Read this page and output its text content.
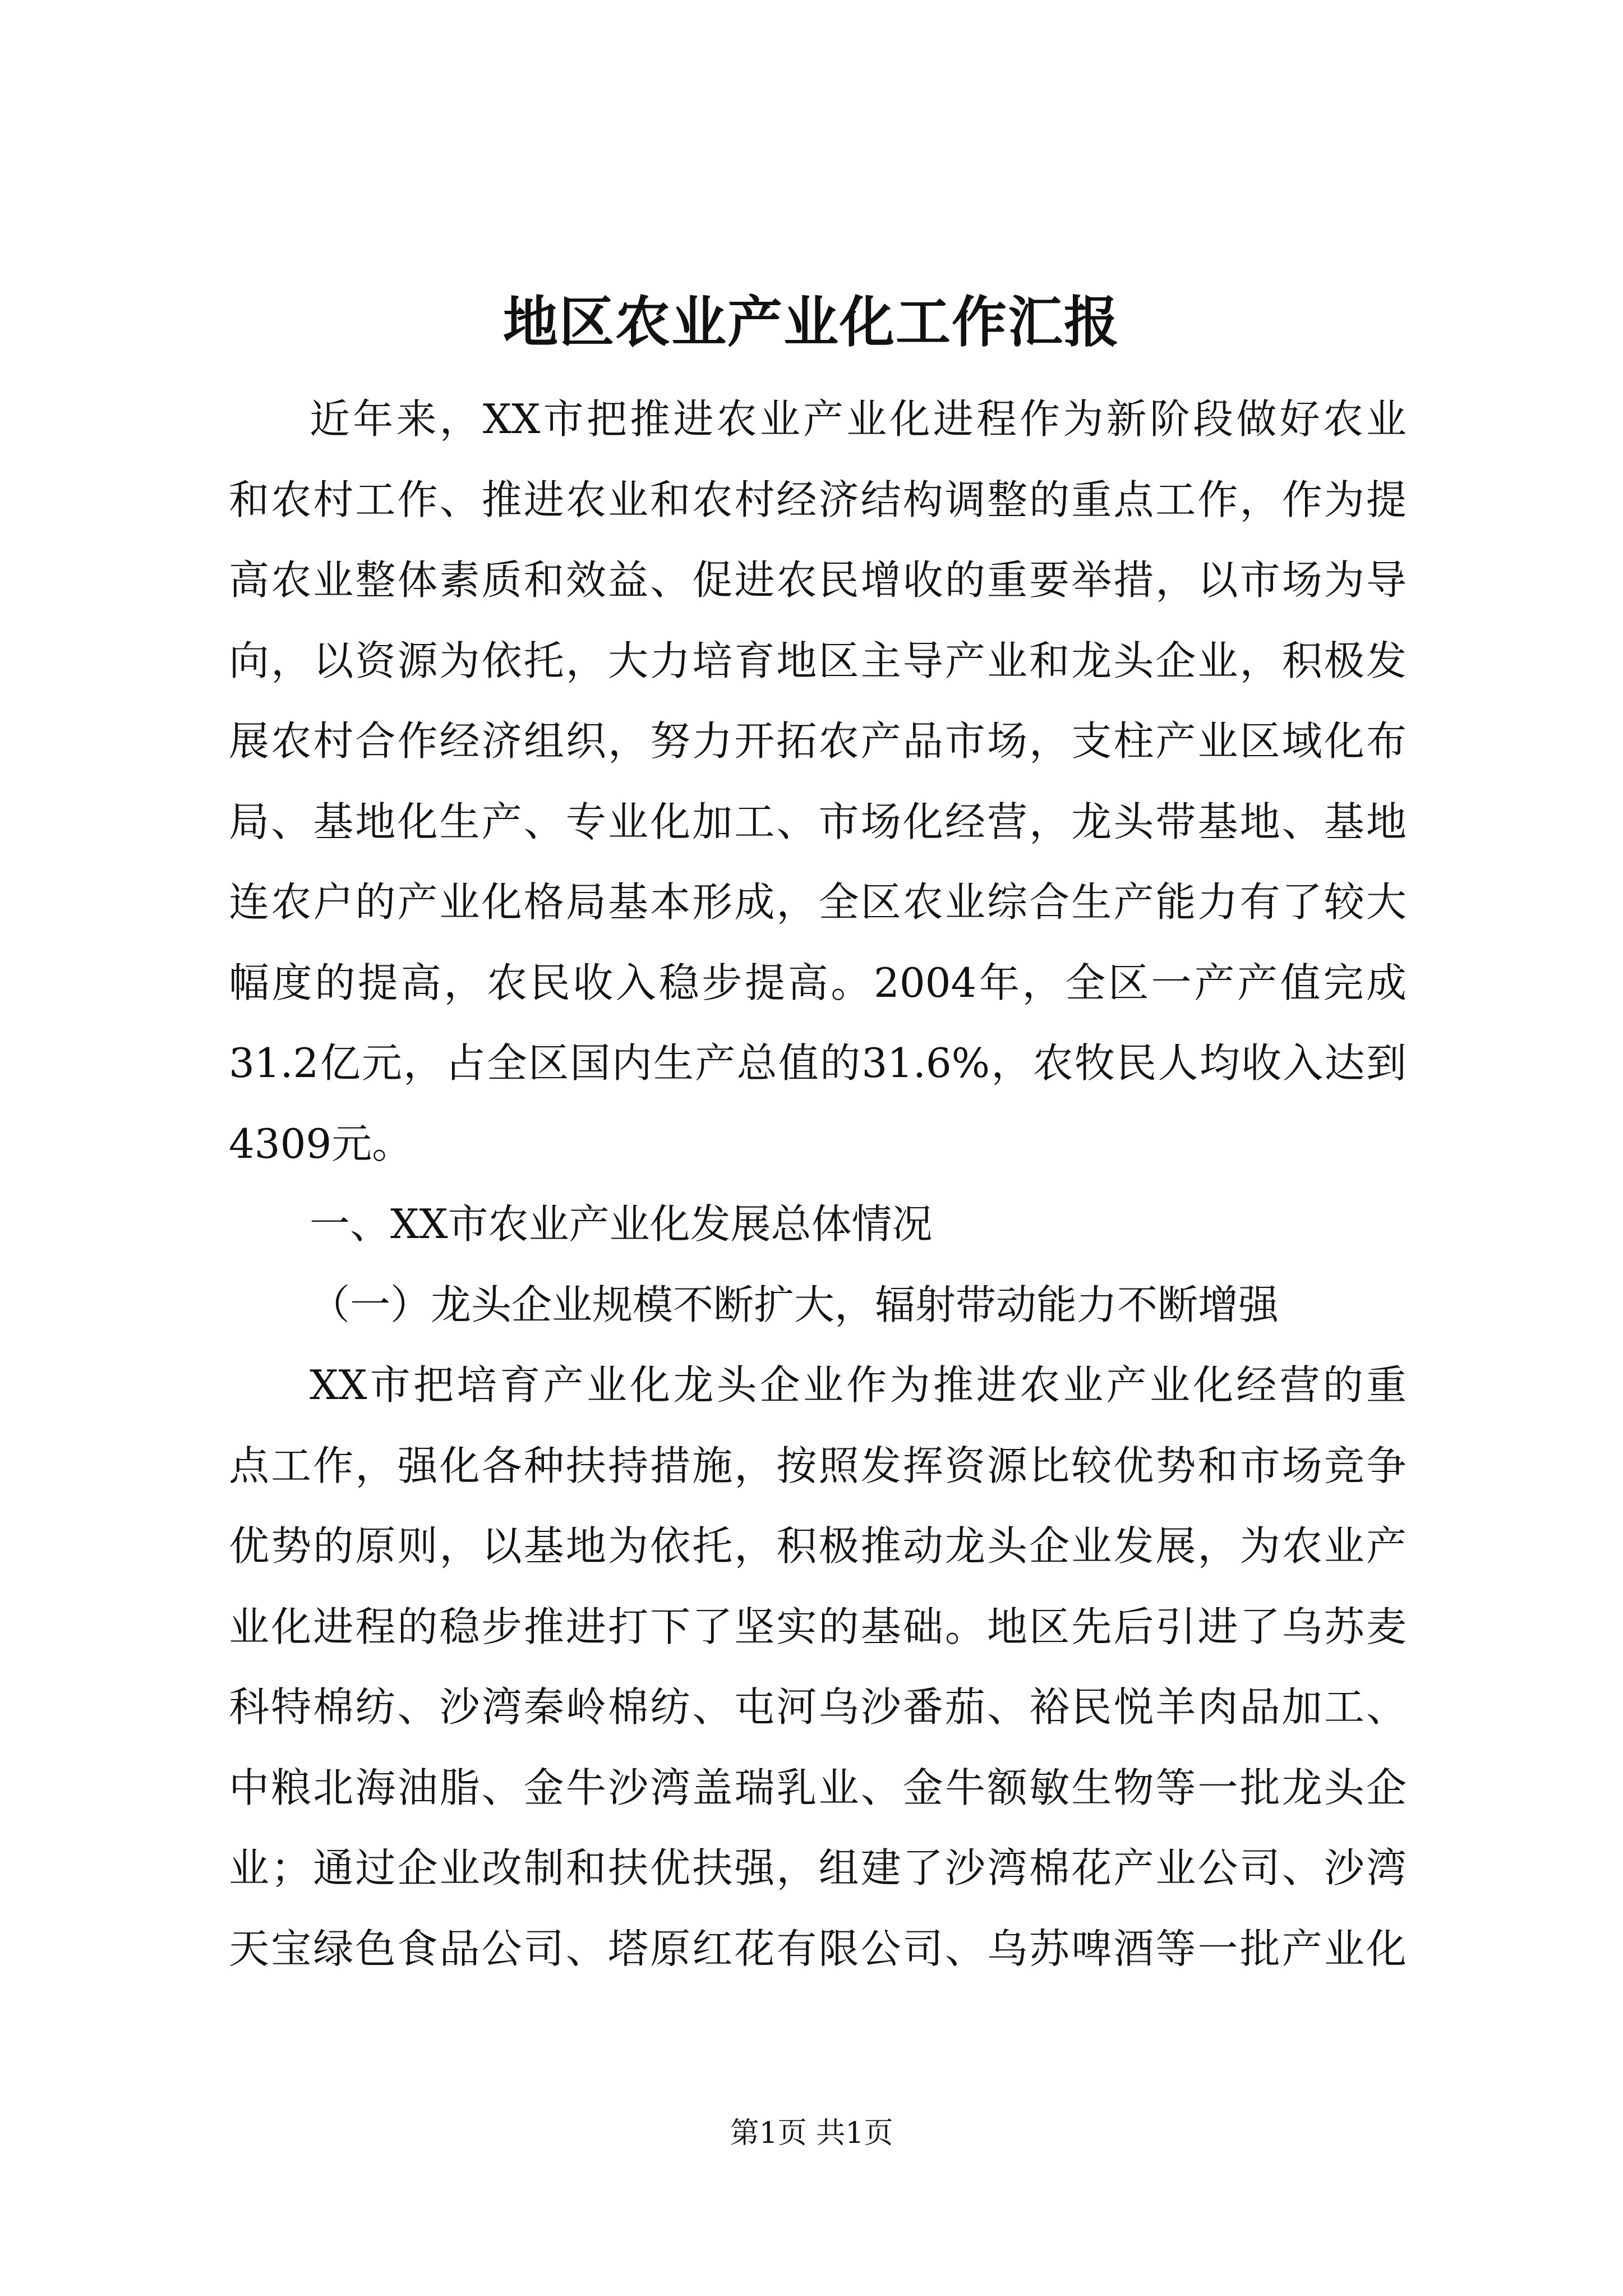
地区农业产业化工作汇报
近年来，XX市把推进农业产业化进程作为新阶段做好农业
和农村工作、推进农业和农村经济结构调整的重点工作，作为提
高农业整体素质和效益、促进农民增收的重要举措，以市场为导
向，以资源为依托，大力培育地区主导产业和龙头企业，积极发
展农村合作经济组织，努力开拓农产品市场，支柱产业区域化布
局、基地化生产、专业化加工、市场化经营，龙头带基地、基地
连农户的产业化格局基本形成，全区农业综合生产能力有了较大
幅度的提高，农民收入稳步提高。2004年，全区一产产值完成
31.2亿元，占全区国内生产总值的31.6%，农牧民人均收入达到
4309元。
一、XX市农业产业化发展总体情况
（一）龙头企业规模不断扩大，辐射带动能力不断增强
XX市把培育产业化龙头企业作为推进农业产业化经营的重
点工作，强化各种扶持措施，按照发挥资源比较优势和市场竞争
优势的原则，以基地为依托，积极推动龙头企业发展，为农业产
业化进程的稳步推进打下了坚实的基础。地区先后引进了乌苏麦
科特棉纺、沙湾秦岭棉纺、屯河乌沙番茄、裕民悦羊肉品加工、
中粮北海油脂、金牛沙湾盖瑞乳业、金牛额敏生物等一批龙头企
业；通过企业改制和扶优扶强，组建了沙湾棉花产业公司、沙湾
天宝绿色食品公司、塔原红花有限公司、乌苏啤酒等一批产业化
第1页 共1页
